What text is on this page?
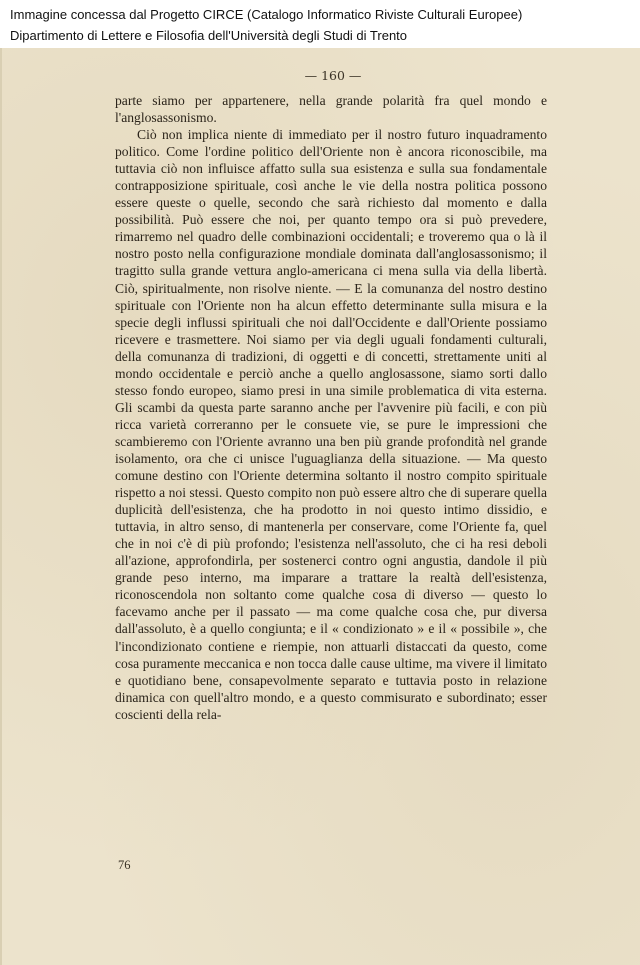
Immagine concessa dal Progetto CIRCE (Catalogo Informatico Riviste Culturali Europee)
Dipartimento di Lettere e Filosofia dell'Università degli Studi di Trento
— 160 —

parte siamo per appartenere, nella grande polarità fra quel mondo e l'anglosassonismo.

Ciò non implica niente di immediato per il nostro futuro inquadramento politico. Come l'ordine politico dell'Oriente non è ancora riconoscibile, ma tuttavia ciò non influisce affatto sulla sua esistenza e sulla sua fondamentale contrapposizione spirituale, così anche le vie della nostra politica possono essere queste o quelle, secondo che sarà richiesto dal momento e dalla possibilità. Può essere che noi, per quanto tempo ora si può prevedere, rimarremo nel quadro delle combinazioni occidentali; e troveremo qua o là il nostro posto nella configurazione mondiale dominata dall'anglosassonismo; il tragitto sulla grande vettura anglo-americana ci mena sulla via della libertà. Ciò, spiritualmente, non risolve niente. — E la comunanza del nostro destino spirituale con l'Oriente non ha alcun effetto determinante sulla misura e la specie degli influssi spirituali che noi dall'Occidente e dall'Oriente possiamo ricevere e trasmettere. Noi siamo per via degli uguali fondamenti culturali, della comunanza di tradizioni, di oggetti e di concetti, strettamente uniti al mondo occidentale e perciò anche a quello anglosassone, siamo sorti dallo stesso fondo europeo, siamo presi in una simile problematica di vita esterna. Gli scambi da questa parte saranno anche per l'avvenire più facili, e con più ricca varietà correranno per le consuete vie, se pure le impressioni che scambieremo con l'Oriente avranno una ben più grande profondità nel grande isolamento, ora che ci unisce l'uguaglianza della situazione. — Ma questo comune destino con l'Oriente determina soltanto il nostro compito spirituale rispetto a noi stessi. Questo compito non può essere altro che di superare quella duplicità dell'esistenza, che ha prodotto in noi questo intimo dissidio, e tuttavia, in altro senso, di mantenerla per conservare, come l'Oriente fa, quel che in noi c'è di più profondo; l'esistenza nell'assoluto, che ci ha resi deboli all'azione, approfondirla, per sostenerci contro ogni angustia, dandole il più grande peso interno, ma imparare a trattare la realtà dell'esistenza, riconoscendola non soltanto come qualche cosa di diverso — questo lo facevamo anche per il passato — ma come qualche cosa che, pur diversa dall'assoluto, è a quello congiunta; e il « condizionato » e il « possibile », che l'incondizionato contiene e riempie, non attuarli distaccati da questo, come cosa puramente meccanica e non tocca dalle cause ultime, ma vivere il limitato e quotidiano bene, consapevolmente separato e tuttavia posto in relazione dinamica con quell'altro mondo, e a questo commisurato e subordinato; esser coscienti della rela-

76
